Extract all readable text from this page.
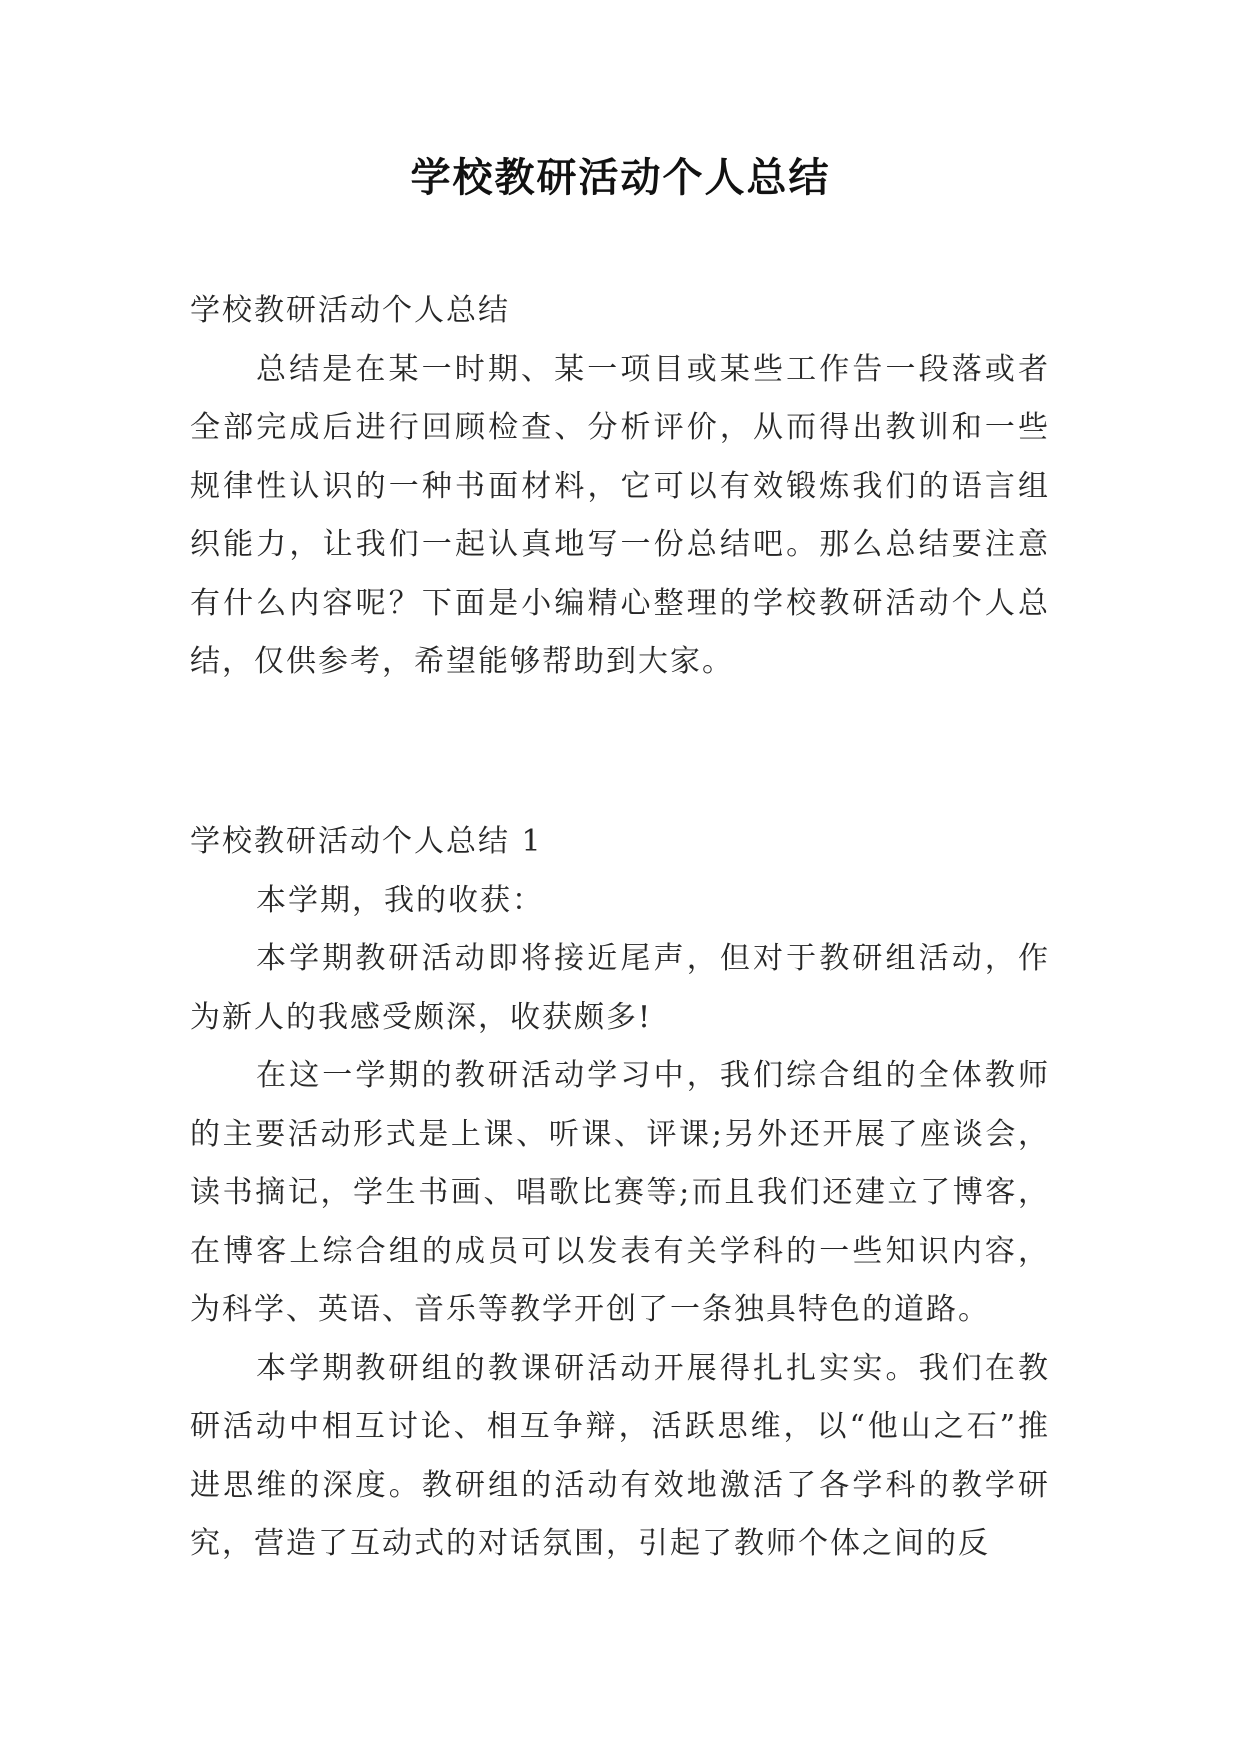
学校教研活动个人总结

学校教研活动个人总结

总结是在某一时期、某一项目或某些工作告一段落或者全部完成后进行回顾检查、分析评价，从而得出教训和一些规律性认识的一种书面材料，它可以有效锻炼我们的语言组织能力，让我们一起认真地写一份总结吧。那么总结要注意有什么内容呢？下面是小编精心整理的学校教研活动个人总结，仅供参考，希望能够帮助到大家。

学校教研活动个人总结 1

本学期，我的收获：

本学期教研活动即将接近尾声，但对于教研组活动，作为新人的我感受颇深，收获颇多!

在这一学期的教研活动学习中，我们综合组的全体教师的主要活动形式是上课、听课、评课;另外还开展了座谈会，读书摘记，学生书画、唱歌比赛等;而且我们还建立了博客，在博客上综合组的成员可以发表有关学科的一些知识内容，为科学、英语、音乐等教学开创了一条独具特色的道路。

本学期教研组的教课研活动开展得扎扎实实。我们在教研活动中相互讨论、相互争辩，活跃思维，以“他山之石”推进思维的深度。教研组的活动有效地激活了各学科的教学研究，营造了互动式的对话氛围，引起了教师个体之间的反
